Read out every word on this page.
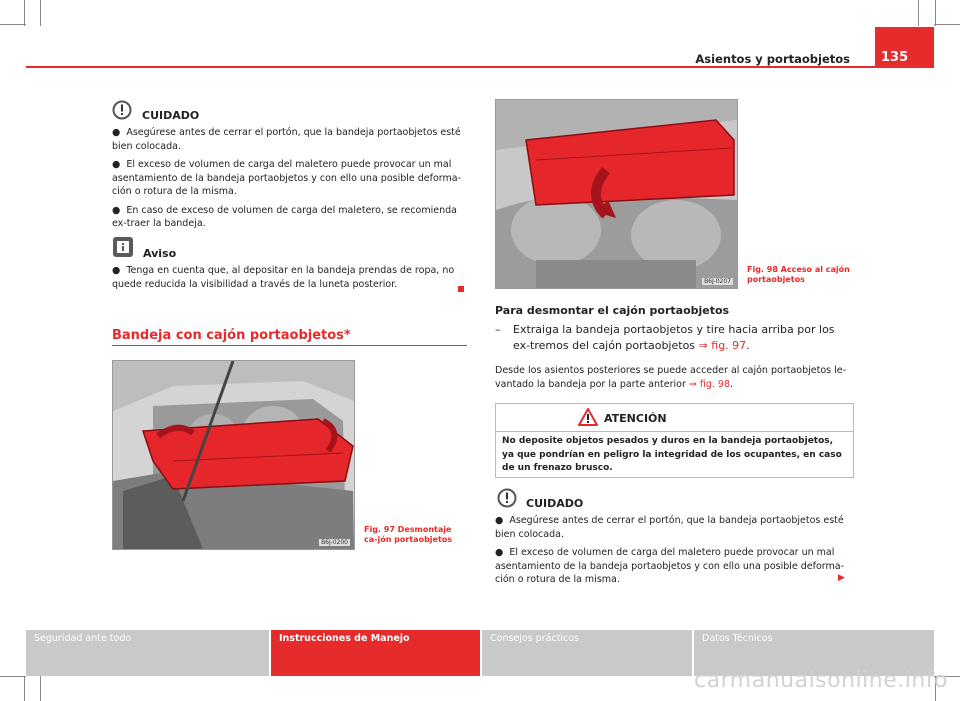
Asientos y portaobjetos	135
CUIDADO

● Asegúrese antes de cerrar el portón, que la bandeja portaobjetos esté bien colocada.

● El exceso de volumen de carga del maletero puede provocar un mal asentamiento de la bandeja portaobjetos y con ello una posible deforma-ción o rotura de la misma.

● En caso de exceso de volumen de carga del maletero, se recomienda ex-traer la bandeja.

Aviso

● Tenga en cuenta que, al depositar en la bandeja prendas de ropa, no quede reducida la visibilidad a través de la luneta posterior.

Bandeja con cajón portaobjetos*
B6J-0200
Fig. 97 Desmontaje ca-jón portaobjetos
B6J-0207
Fig. 98 Acceso al cajón portaobjetos
Para desmontar el cajón portaobjetos
–	Extraiga la bandeja portaobjetos y tire hacia arriba por los ex-tremos del cajón portaobjetos ⇒ fig. 97.

Desde los asientos posteriores se puede acceder al cajón portaobjetos le-vantado la bandeja por la parte anterior ⇒ fig. 98.

ATENCIÓN
No deposite objetos pesados y duros en la bandeja portaobjetos, ya que pondrían en peligro la integridad de los ocupantes, en caso de un frenazo brusco.
CUIDADO

● Asegúrese antes de cerrar el portón, que la bandeja portaobjetos esté bien colocada.

● El exceso de volumen de carga del maletero puede provocar un mal asentamiento de la bandeja portaobjetos y con ello una posible deforma-ción o rotura de la misma.	▶
Seguridad ante todo	Instrucciones de Manejo	Consejos prácticos	Datos Técnicos
carmanualsonline.info
